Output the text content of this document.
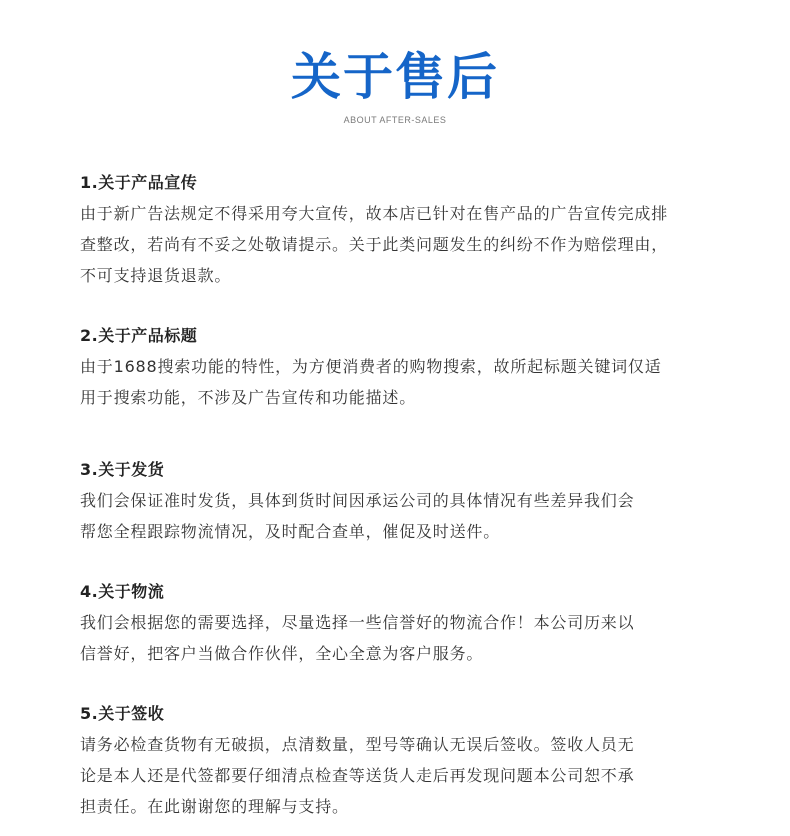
关于售后
ABOUT AFTER-SALES
1.关于产品宣传
由于新广告法规定不得采用夸大宣传，故本店已针对在售产品的广告宣传完成排
查整改，若尚有不妥之处敬请提示。关于此类问题发生的纠纷不作为赔偿理由，
不可支持退货退款。
2.关于产品标题
由于1688搜索功能的特性，为方便消费者的购物搜索，故所起标题关键词仅适
用于搜索功能，不涉及广告宣传和功能描述。
3.关于发货
我们会保证准时发货，具体到货时间因承运公司的具体情况有些差异我们会
帮您全程跟踪物流情况，及时配合查单，催促及时送件。
4.关于物流
我们会根据您的需要选择，尽量选择一些信誉好的物流合作！本公司历来以
信誉好，把客户当做合作伙伴，全心全意为客户服务。
5.关于签收
请务必检查货物有无破损，点清数量，型号等确认无误后签收。签收人员无
论是本人还是代签都要仔细清点检查等送货人走后再发现问题本公司恕不承
担责任。在此谢谢您的理解与支持。
